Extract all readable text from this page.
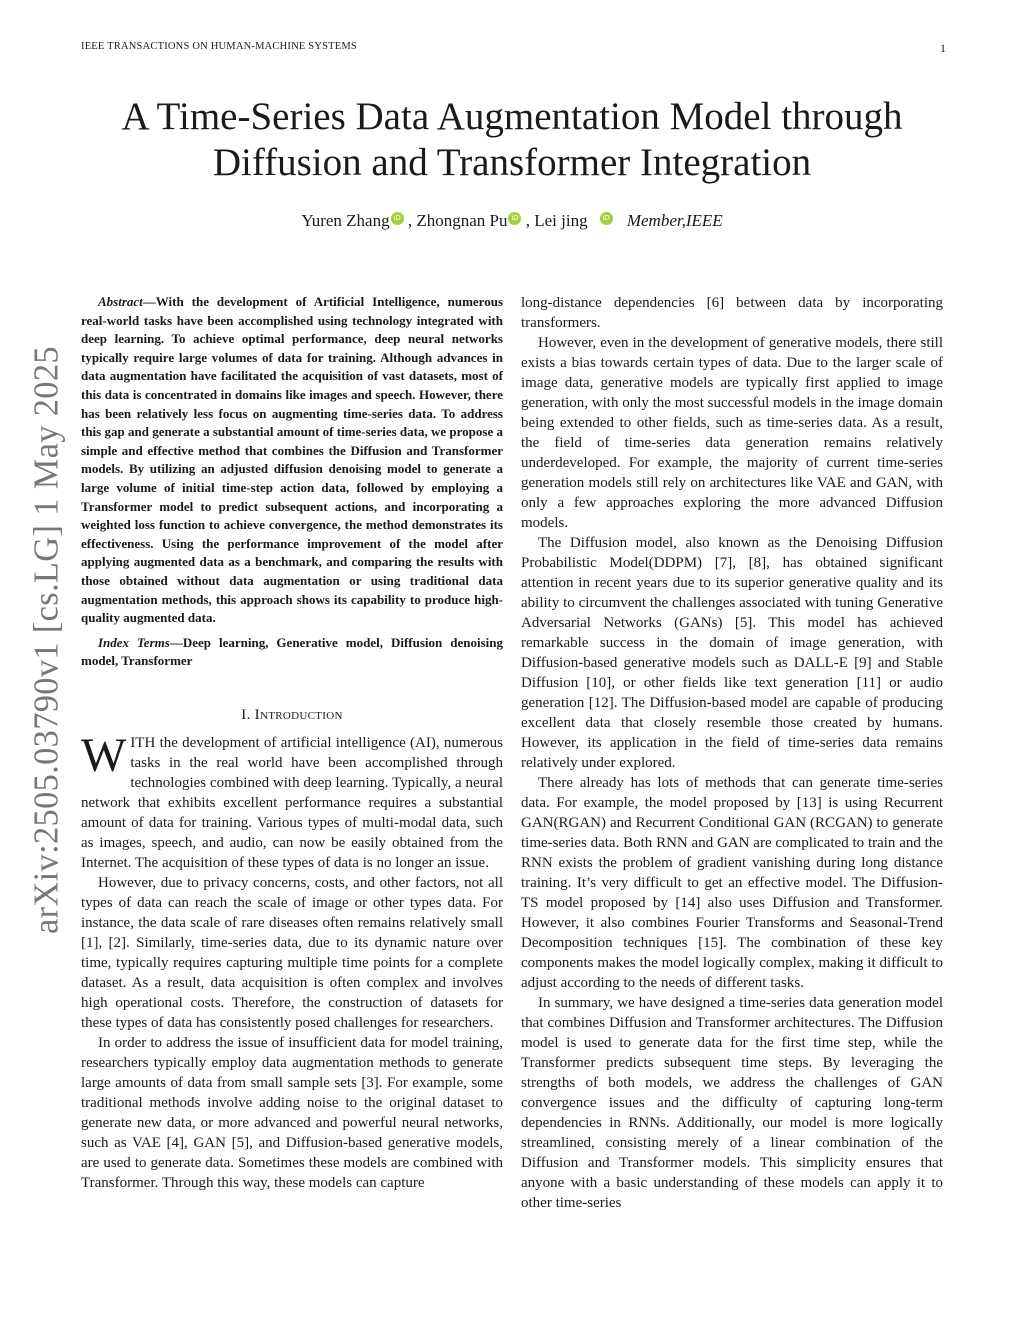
IEEE TRANSACTIONS ON HUMAN-MACHINE SYSTEMS	1
arXiv:2505.03790v1 [cs.LG] 1 May 2025
A Time-Series Data Augmentation Model through
Diffusion and Transformer Integration
Yuren Zhang iD , Zhongnan Pu iD , Lei jing iD Member,IEEE

Abstract—With the development of Artificial Intelligence, numerous real-world tasks have been accomplished using technology integrated with deep learning. To achieve optimal performance, deep neural networks typically require large volumes of data for training. Although advances in data augmentation have facilitated the acquisition of vast datasets, most of this data is concentrated in domains like images and speech. However, there has been relatively less focus on augmenting time-series data. To address this gap and generate a substantial amount of time-series data, we propose a simple and effective method that combines the Diffusion and Transformer models. By utilizing an adjusted diffusion denoising model to generate a large volume of initial time-step action data, followed by employing a Transformer model to predict subsequent actions, and incorporating a weighted loss function to achieve convergence, the method demonstrates its effectiveness. Using the performance improvement of the model after applying augmented data as a benchmark, and comparing the results with those obtained without data augmentation or using traditional data augmentation methods, this approach shows its capability to produce high-quality augmented data.

Index Terms—Deep learning, Generative model, Diffusion denoising model, Transformer

I. Introduction

WITH the development of artificial intelligence (AI), numerous tasks in the real world have been accomplished through technologies combined with deep learning. Typically, a neural network that exhibits excellent performance requires a substantial amount of data for training. Various types of multi-modal data, such as images, speech, and audio, can now be easily obtained from the Internet. The acquisition of these types of data is no longer an issue.

However, due to privacy concerns, costs, and other factors, not all types of data can reach the scale of image or other types data. For instance, the data scale of rare diseases often remains relatively small [1], [2]. Similarly, time-series data, due to its dynamic nature over time, typically requires capturing multiple time points for a complete dataset. As a result, data acquisition is often complex and involves high operational costs. Therefore, the construction of datasets for these types of data has consistently posed challenges for researchers.

In order to address the issue of insufficient data for model training, researchers typically employ data augmentation methods to generate large amounts of data from small sample sets [3]. For example, some traditional methods involve adding noise to the original dataset to generate new data, or more advanced and powerful neural networks, such as VAE [4], GAN [5], and Diffusion-based generative models, are used to generate data. Sometimes these models are combined with Transformer. Through this way, these models can capture

long-distance dependencies [6] between data by incorporating transformers.

However, even in the development of generative models, there still exists a bias towards certain types of data. Due to the larger scale of image data, generative models are typically first applied to image generation, with only the most successful models in the image domain being extended to other fields, such as time-series data. As a result, the field of time-series data generation remains relatively underdeveloped. For example, the majority of current time-series generation models still rely on architectures like VAE and GAN, with only a few approaches exploring the more advanced Diffusion models.

The Diffusion model, also known as the Denoising Diffusion Probabilistic Model(DDPM) [7], [8], has obtained significant attention in recent years due to its superior generative quality and its ability to circumvent the challenges associated with tuning Generative Adversarial Networks (GANs) [5]. This model has achieved remarkable success in the domain of image generation, with Diffusion-based generative models such as DALL-E [9] and Stable Diffusion [10], or other fields like text generation [11] or audio generation [12]. The Diffusion-based model are capable of producing excellent data that closely resemble those created by humans. However, its application in the field of time-series data remains relatively under explored.

There already has lots of methods that can generate time-series data. For example, the model proposed by [13] is using Recurrent GAN(RGAN) and Recurrent Conditional GAN (RCGAN) to generate time-series data. Both RNN and GAN are complicated to train and the RNN exists the problem of gradient vanishing during long distance training. It’s very difficult to get an effective model. The Diffusion-TS model proposed by [14] also uses Diffusion and Transformer. However, it also combines Fourier Transforms and Seasonal-Trend Decomposition techniques [15]. The combination of these key components makes the model logically complex, making it difficult to adjust according to the needs of different tasks.

In summary, we have designed a time-series data generation model that combines Diffusion and Transformer architectures. The Diffusion model is used to generate data for the first time step, while the Transformer predicts subsequent time steps. By leveraging the strengths of both models, we address the challenges of GAN convergence issues and the difficulty of capturing long-term dependencies in RNNs. Additionally, our model is more logically streamlined, consisting merely of a linear combination of the Diffusion and Transformer models. This simplicity ensures that anyone with a basic understanding of these models can apply it to other time-series
